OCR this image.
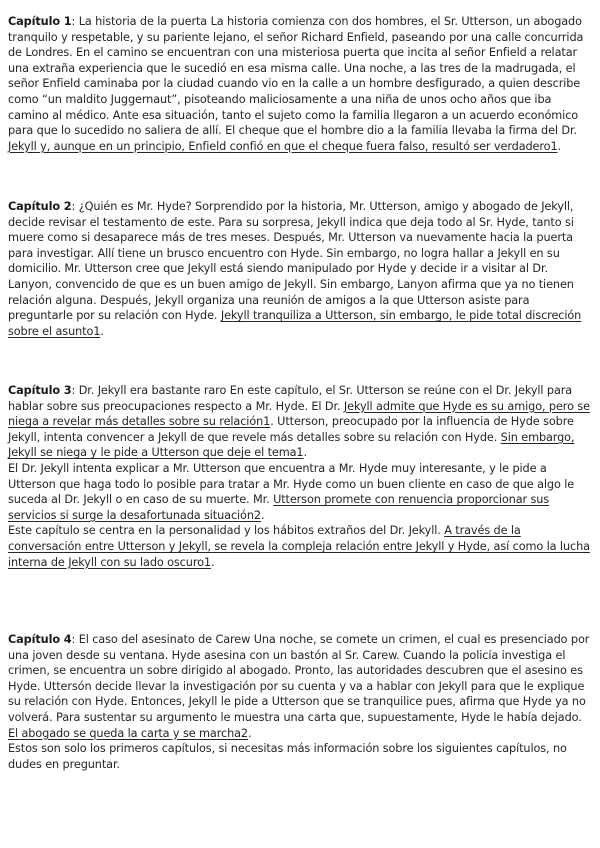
Capítulo 1: La historia de la puerta La historia comienza con dos hombres, el Sr. Utterson, un abogado tranquilo y respetable, y su pariente lejano, el señor Richard Enfield, paseando por una calle concurrida de Londres. En el camino se encuentran con una misteriosa puerta que incita al señor Enfield a relatar una extraña experiencia que le sucedió en esa misma calle. Una noche, a las tres de la madrugada, el señor Enfield caminaba por la ciudad cuando vio en la calle a un hombre desfigurado, a quien describe como “un maldito Juggernaut”, pisoteando maliciosamente a una niña de unos ocho años que iba camino al médico. Ante esa situación, tanto el sujeto como la familia llegaron a un acuerdo económico para que lo sucedido no saliera de allí. El cheque que el hombre dio a la familia llevaba la firma del Dr. Jekyll y, aunque en un principio, Enfield confió en que el cheque fuera falso, resultó ser verdadero1.

Capítulo 2: ¿Quién es Mr. Hyde? Sorprendido por la historia, Mr. Utterson, amigo y abogado de Jekyll, decide revisar el testamento de este. Para su sorpresa, Jekyll indica que deja todo al Sr. Hyde, tanto si muere como si desaparece más de tres meses. Después, Mr. Utterson va nuevamente hacia la puerta para investigar. Allí tiene un brusco encuentro con Hyde. Sin embargo, no logra hallar a Jekyll en su domicilio. Mr. Utterson cree que Jekyll está siendo manipulado por Hyde y decide ir a visitar al Dr. Lanyon, convencido de que es un buen amigo de Jekyll. Sin embargo, Lanyon afirma que ya no tienen relación alguna. Después, Jekyll organiza una reunión de amigos a la que Utterson asiste para preguntarle por su relación con Hyde. Jekyll tranquiliza a Utterson, sin embargo, le pide total discreción sobre el asunto1.

Capítulo 3: Dr. Jekyll era bastante raro En este capítulo, el Sr. Utterson se reúne con el Dr. Jekyll para hablar sobre sus preocupaciones respecto a Mr. Hyde. El Dr. Jekyll admite que Hyde es su amigo, pero se niega a revelar más detalles sobre su relación1. Utterson, preocupado por la influencia de Hyde sobre Jekyll, intenta convencer a Jekyll de que revele más detalles sobre su relación con Hyde. Sin embargo, Jekyll se niega y le pide a Utterson que deje el tema1.
El Dr. Jekyll intenta explicar a Mr. Utterson que encuentra a Mr. Hyde muy interesante, y le pide a Utterson que haga todo lo posible para tratar a Mr. Hyde como un buen cliente en caso de que algo le suceda al Dr. Jekyll o en caso de su muerte. Mr. Utterson promete con renuencia proporcionar sus servicios si surge la desafortunada situación2.
Este capítulo se centra en la personalidad y los hábitos extraños del Dr. Jekyll. A través de la conversación entre Utterson y Jekyll, se revela la compleja relación entre Jekyll y Hyde, así como la lucha interna de Jekyll con su lado oscuro1.

Capítulo 4: El caso del asesinato de Carew Una noche, se comete un crimen, el cual es presenciado por una joven desde su ventana. Hyde asesina con un bastón al Sr. Carew. Cuando la policía investiga el crimen, se encuentra un sobre dirigido al abogado. Pronto, las autoridades descubren que el asesino es Hyde. Uttersón decide llevar la investigación por su cuenta y va a hablar con Jekyll para que le explique su relación con Hyde. Entonces, Jekyll le pide a Utterson que se tranquilice pues, afirma que Hyde ya no volverá. Para sustentar su argumento le muestra una carta que, supuestamente, Hyde le había dejado. El abogado se queda la carta y se marcha2.
Estos son solo los primeros capítulos, si necesitas más información sobre los siguientes capítulos, no dudes en preguntar.
